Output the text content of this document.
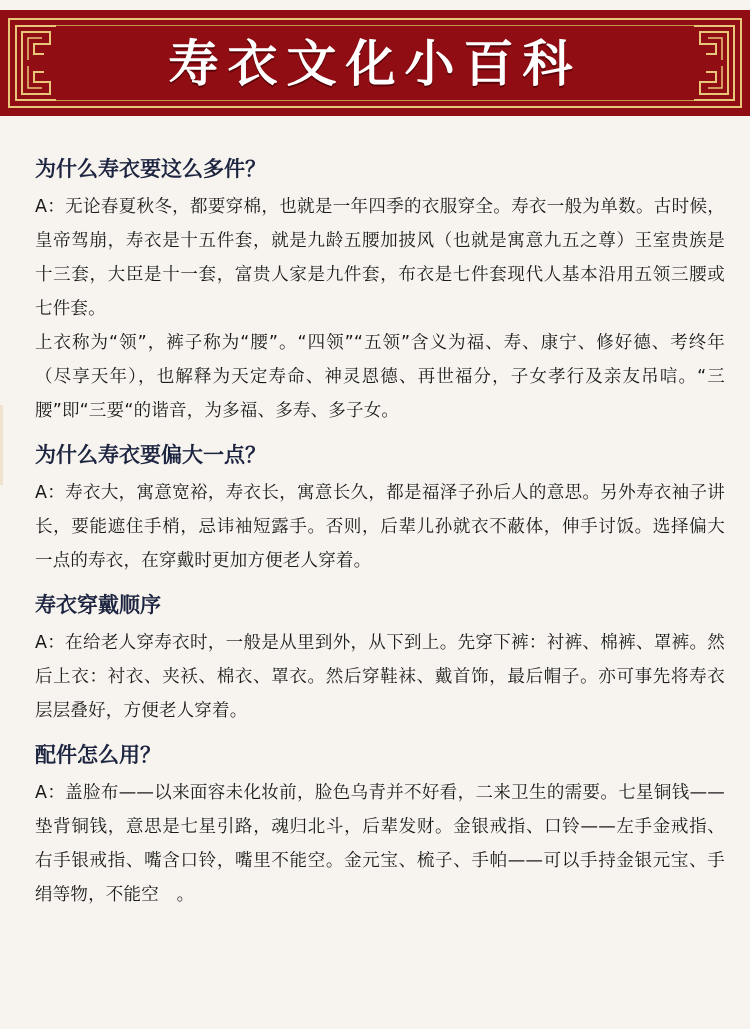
寿衣文化小百科
为什么寿衣要这么多件？

A：无论春夏秋冬，都要穿棉，也就是一年四季的衣服穿全。寿衣一般为单数。古时候，皇帝驾崩，寿衣是十五件套，就是九龄五腰加披风（也就是寓意九五之尊）王室贵族是十三套，大臣是十一套，富贵人家是九件套，布衣是七件套现代人基本沿用五领三腰或七件套。

上衣称为“领”，裤子称为“腰”。“四领”“五领”含义为福、寿、康宁、修好德、考终年（尽享天年），也解释为天定寿命、神灵恩德、再世福分，子女孝行及亲友吊唁。“三腰”即“三要“的谐音，为多福、多寿、多子女。

为什么寿衣要偏大一点？

A：寿衣大，寓意宽裕，寿衣长，寓意长久，都是福泽子孙后人的意思。另外寿衣袖子讲长，要能遮住手梢，忌讳袖短露手。否则，后辈儿孙就衣不蔽体，伸手讨饭。选择偏大一点的寿衣，在穿戴时更加方便老人穿着。

寿衣穿戴顺序

A：在给老人穿寿衣时，一般是从里到外，从下到上。先穿下裤：衬裤、棉裤、罩裤。然后上衣：衬衣、夹袄、棉衣、罩衣。然后穿鞋袜、戴首饰，最后帽子。亦可事先将寿衣层层叠好，方便老人穿着。

配件怎么用？

A：盖脸布——以来面容未化妆前，脸色乌青并不好看，二来卫生的需要。七星铜钱——垫背铜钱，意思是七星引路，魂归北斗，后辈发财。金银戒指、口铃——左手金戒指、右手银戒指、嘴含口铃，嘴里不能空。金元宝、梳子、手帕——可以手持金银元宝、手绢等物，不能空　。
